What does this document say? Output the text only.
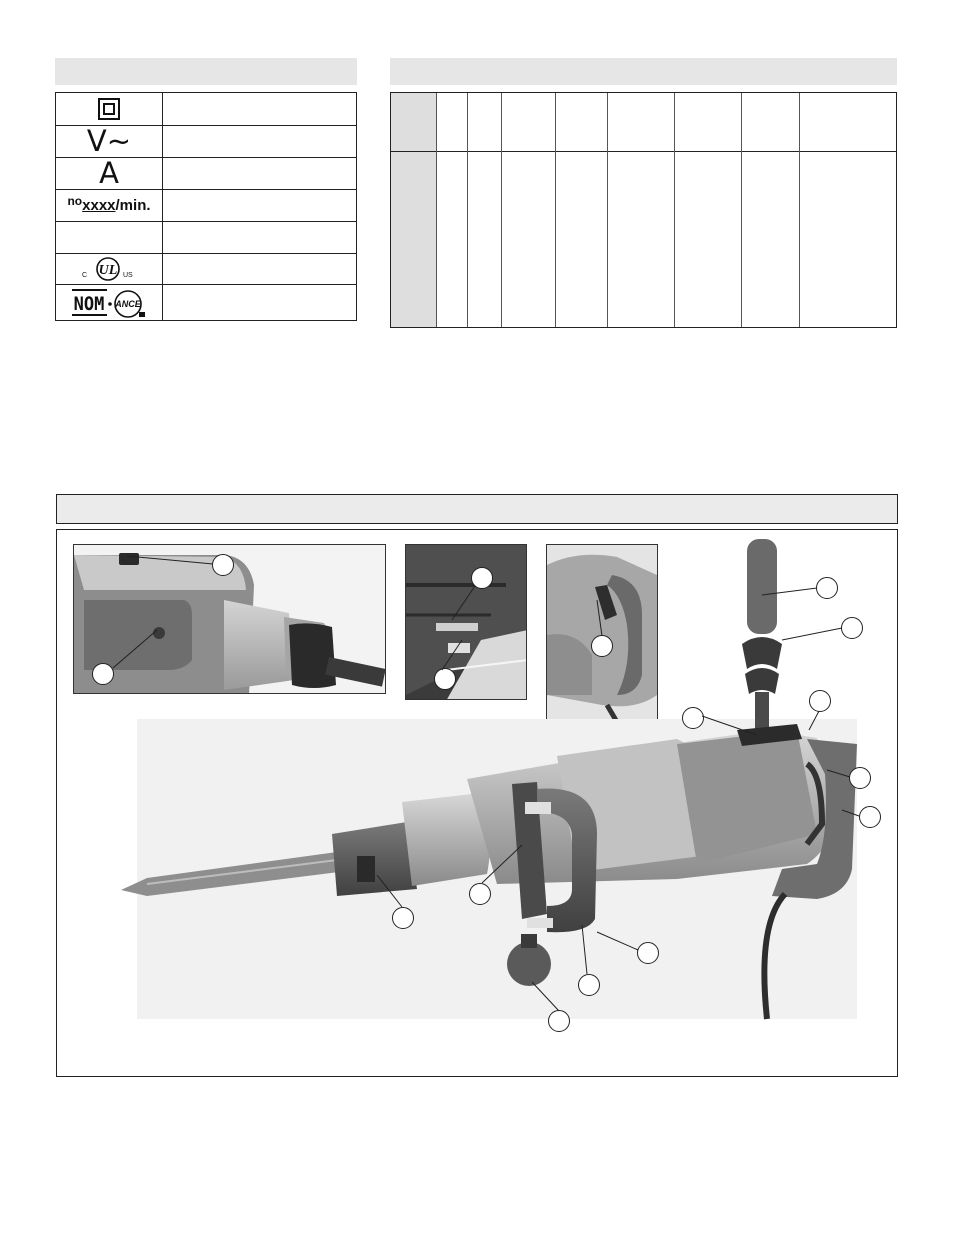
V~
A
$^{no}$xxxx/min.
C UL US
NOM ANCE
